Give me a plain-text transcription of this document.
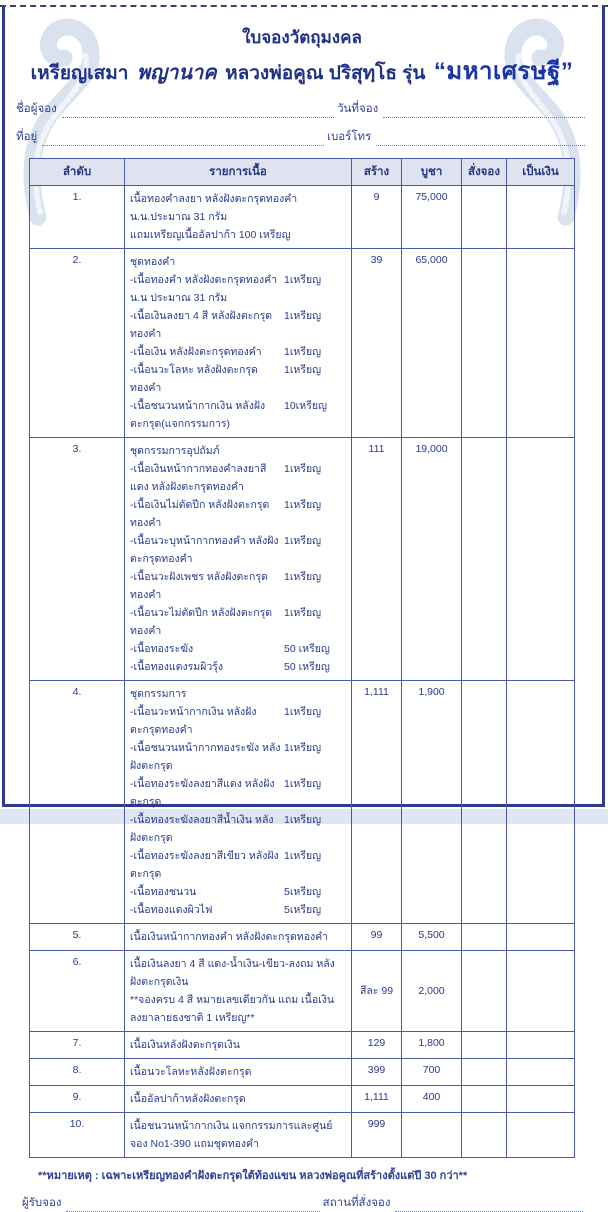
ใบจองวัตถุมงคล
เหรียญเสมา พญานาค หลวงพ่อคูณ ปริสุทฺโธ รุ่น “มหาเศรษฐี”
ชื่อผู้จอง	วันที่จอง
ที่อยู่	เบอร์โทร
ลำดับ	รายการเนื้อ	สร้าง	บูชา	สั่งจอง	เป็นเงิน
1.	เนื้อทองคำลงยา หลังฝังตะกรุดทองคำ น.น.ประมาณ 31 กรัม
แถมเหรียญเนื้ออัลปาก้า 100 เหรียญ	9	75,000		
2.	ชุดทองคำ
-เนื้อทองคำ หลังฝังตะกรุดทองคำ น.น ประมาณ 31 กรัม
1เหรียญ
-เนื้อเงินลงยา 4 สี หลังฝังตะกรุดทองคำ
1เหรียญ
-เนื้อเงิน หลังฝังตะกรุดทองคำ 1เหรียญ
-เนื้อนวะโลหะ หลังฝังตะกรุดทองคำ
1เหรียญ
-เนื้อชนวนหน้ากากเงิน หลังฝังตะกรุด(แจกกรรมการ)
10เหรียญ
	39	65,000		
3.	ชุดกรรมการอุปถัมภ์
-เนื้อเงินหน้ากากทองคำลงยาสีแดง หลังฝังตะกรุดทองคำ
1เหรียญ
-เนื้อเงินไม่ตัดปีก หลังฝังตะกรุดทองคำ
1เหรียญ
-เนื้อนวะบุหน้ากากทองคำ หลังฝังตะกรุดทองคำ
1เหรียญ
-เนื้อนวะฝังเพชร หลังฝังตะกรุดทองคำ
1เหรียญ
-เนื้อนวะไม่ตัดปีก หลังฝังตะกรุดทองคำ
1เหรียญ
-เนื้อทองระฆัง	50 เหรียญ
-เนื้อทองแดงรมผิวรุ้ง	50 เหรียญ
	111	19,000		
4.	ชุดกรรมการ
-เนื้อนวะหน้ากากเงิน หลังฝังตะกรุดทองคำ
1เหรียญ
-เนื้อชนวนหน้ากากทองระฆัง หลังฝังตะกรุด
1เหรียญ
-เนื้อทองระฆังลงยาสีแดง หลังฝังตะกรุด
1เหรียญ
-เนื้อทองระฆังลงยาสีน้ำเงิน หลังฝังตะกรุด
1เหรียญ
-เนื้อทองระฆังลงยาสีเขียว หลังฝังตะกรุด
1เหรียญ
-เนื้อทองชนวน	5เหรียญ
-เนื้อทองแดงผิวไฟ	5เหรียญ
	1,111	1,900		
5.	เนื้อเงินหน้ากากทองคำ หลังฝังตะกรุดทองคำ	99	5,500		
6.	เนื้อเงินลงยา 4 สี แดง-น้ำเงิน-เขียว-ลงถม หลังฝังตะกรุดเงิน
**จองครบ 4 สี หมายเลขเดียวกัน แถม เนื้อเงินลงยาลายธงชาติ 1 เหรียญ**	สีละ 99	2,000		
7.	เนื้อเงินหลังฝังตะกรุดเงิน	129	1,800		
8.	เนื้อนวะโลหะหลังฝังตะกรุด	399	700		
9.	เนื้ออัลปาก้าหลังฝังตะกรุด	1,111	400		
10.	เนื้อชนวนหน้ากากเงิน แจกกรรมการและศูนย์จอง No1-390 แถมชุดทองคำ	999			
**หมายเหตุ : เฉพาะเหรียญทองคำฝังตะกรุดใต้ท้องแขน หลวงพ่อคูณที่สร้างตั้งแต่ปี 30 กว่า**
ผู้รับจอง	สถานที่สั่งจอง
